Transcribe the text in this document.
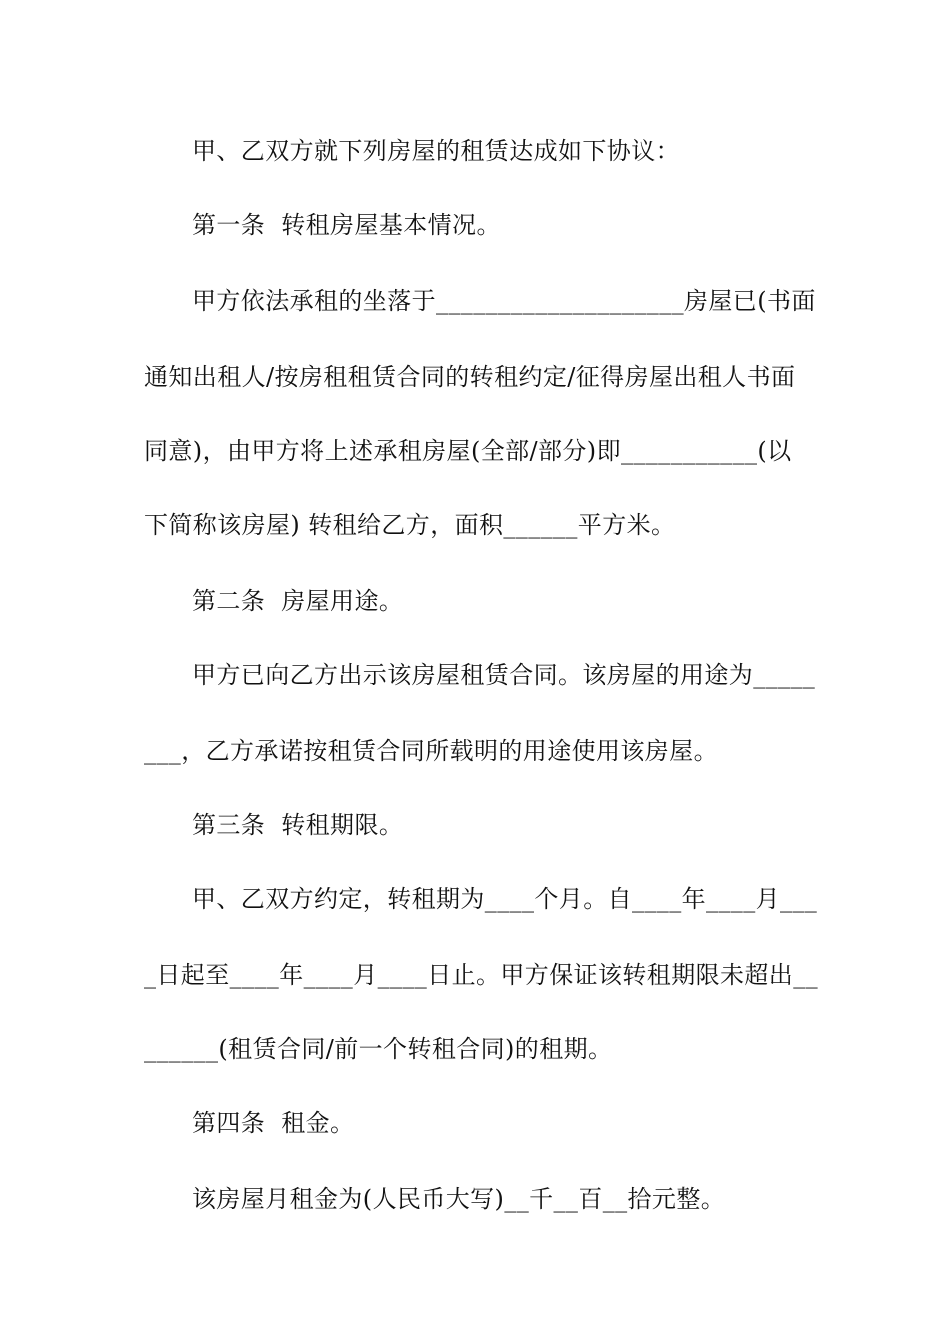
甲、乙双方就下列房屋的租赁达成如下协议：
第一条  转租房屋基本情况。
甲方依法承租的坐落于____________________房屋已(书面
通知出租人/按房租租赁合同的转租约定/征得房屋出租人书面
同意)，由甲方将上述承租房屋(全部/部分)即___________(以
下简称该房屋) 转租给乙方，面积______平方米。
第二条  房屋用途。
甲方已向乙方出示该房屋租赁合同。该房屋的用途为_____
___，乙方承诺按租赁合同所载明的用途使用该房屋。
第三条  转租期限。
甲、乙双方约定，转租期为____个月。自____年____月___
_日起至____年____月____日止。甲方保证该转租期限未超出__
______(租赁合同/前一个转租合同)的租期。
第四条  租金。
该房屋月租金为(人民币大写)__千__百__拾元整。
